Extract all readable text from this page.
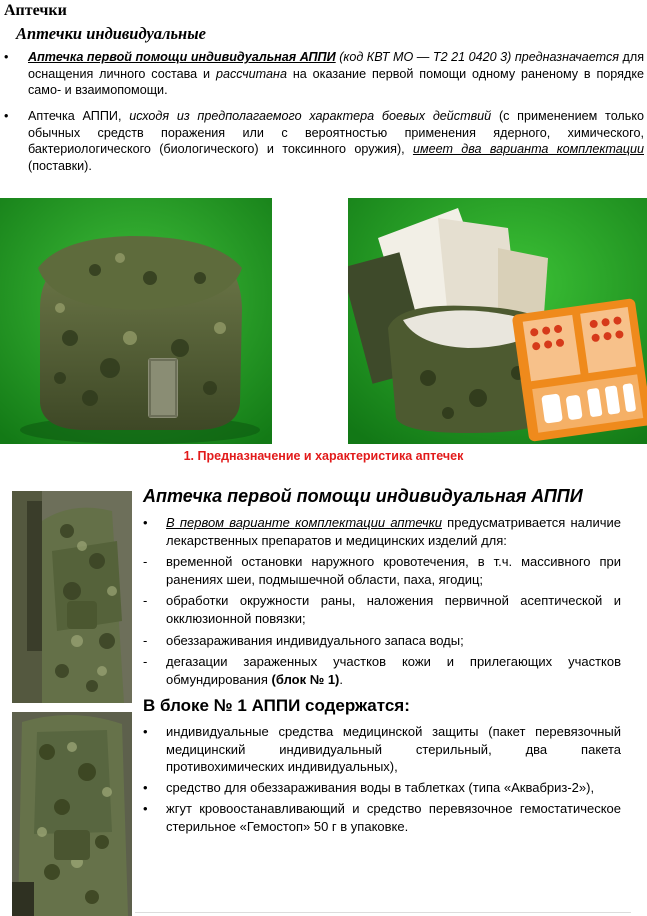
Аптечки
Аптечки индивидуальные
• Аптечка первой помощи индивидуальная АППИ (код КВТ МО — Т2 21 0420 3) предназначается для оснащения личного состава и рассчитана на оказание первой помощи одному раненому в порядке само- и взаимопомощи.
• Аптечка АППИ, исходя из предполагаемого характера боевых действий (с применением только обычных средств поражения или с вероятностью применения ядерного, химического, бактериологического (биологического) и токсинного оружия), имеет два варианта комплектации (поставки).
1. Предназначение и характеристика аптечек
Аптечка первой помощи индивидуальная АППИ
•	В первом варианте комплектации аптечки предусматривается наличие лекарственных препаратов и медицинских изделий для:
-	временной остановки наружного кровотечения, в т.ч. массивного при ранениях шеи, подмышечной области, паха, ягодиц;
-	обработки окружности раны, наложения первичной асептической и окклюзионной повязки;
-	обеззараживания индивидуального запаса воды;
-	дегазации зараженных участков кожи и прилегающих участков обмундирования (блок № 1).
В блоке № 1 АППИ содержатся:
•	индивидуальные средства медицинской защиты (пакет перевязочный медицинский индивидуальный стерильный, два пакета противохимических индивидуальных),
•	средство для обеззараживания воды в таблетках (типа «Аквабриз-2»),
•	жгут кровоостанавливающий и средство перевязочное гемостатическое стерильное «Гемостоп» 50 г в упаковке.
